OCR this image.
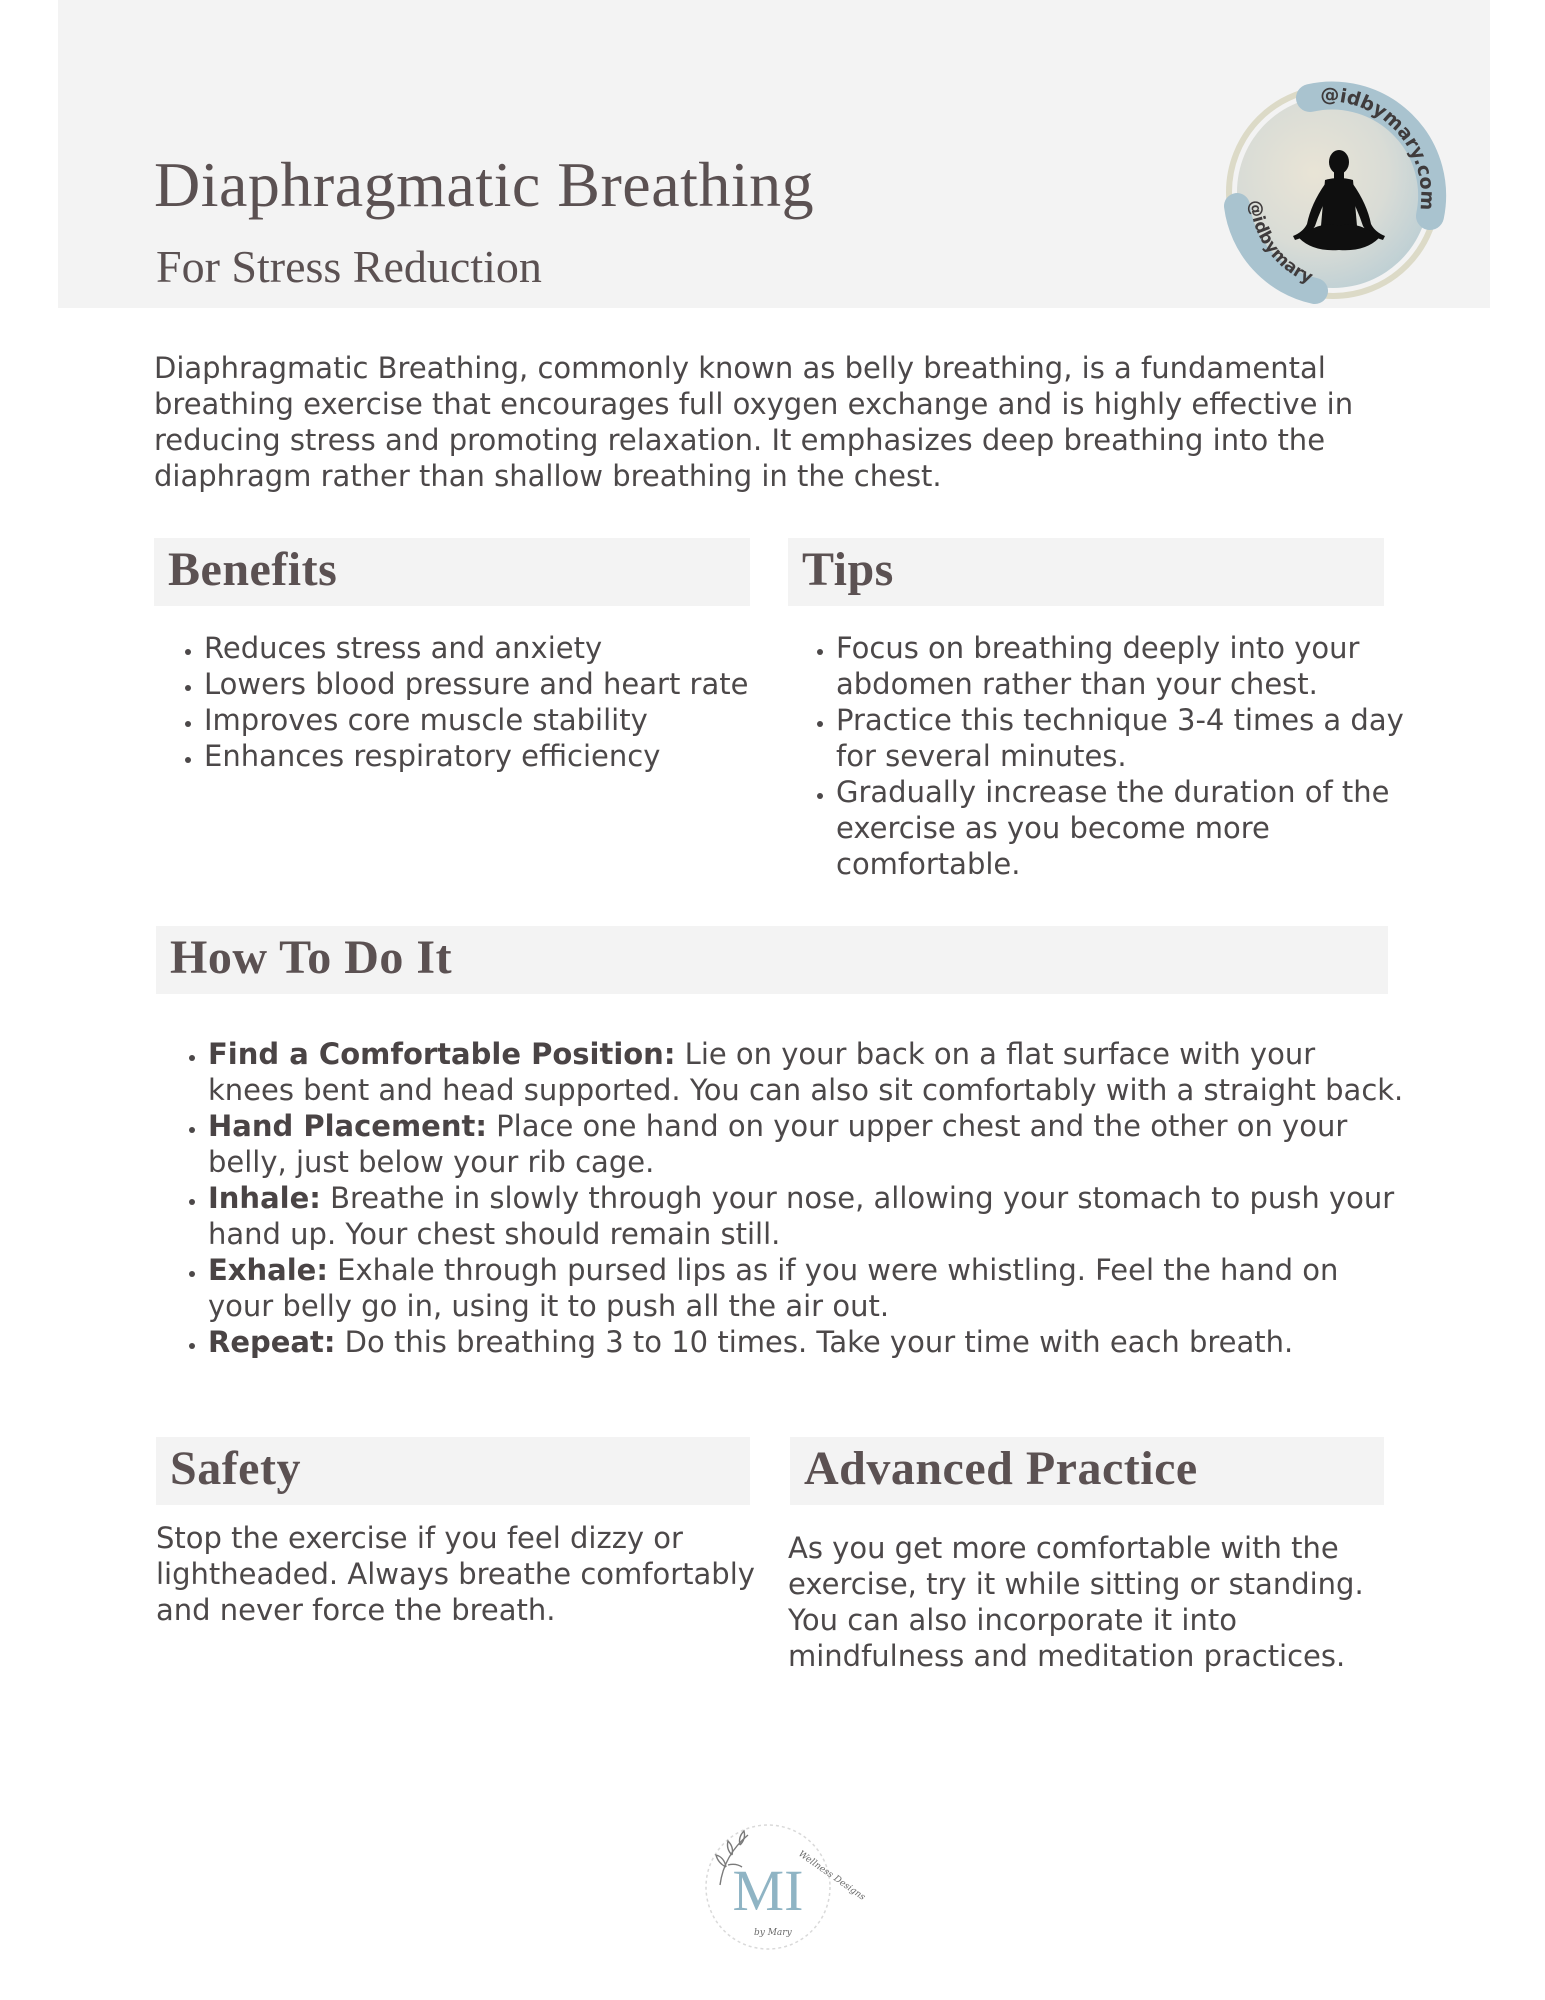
Diaphragmatic Breathing
For Stress Reduction
@idbymary.com
@idbymary

Diaphragmatic Breathing, commonly known as belly breathing, is a fundamental breathing exercise that encourages full oxygen exchange and is highly effective in reducing stress and promoting relaxation. It emphasizes deep breathing into the diaphragm rather than shallow breathing in the chest.

Benefits
• Reduces stress and anxiety
• Lowers blood pressure and heart rate
• Improves core muscle stability
• Enhances respiratory efficiency
Tips
• Focus on breathing deeply into your abdomen rather than your chest.
• Practice this technique 3-4 times a day for several minutes.
• Gradually increase the duration of the exercise as you become more comfortable.
How To Do It
• Find a Comfortable Position: Lie on your back on a flat surface with your knees bent and head supported. You can also sit comfortably with a straight back.
• Hand Placement: Place one hand on your upper chest and the other on your belly, just below your rib cage.
• Inhale: Breathe in slowly through your nose, allowing your stomach to push your hand up. Your chest should remain still.
• Exhale: Exhale through pursed lips as if you were whistling. Feel the hand on your belly go in, using it to push all the air out.
• Repeat: Do this breathing 3 to 10 times. Take your time with each breath.
Safety

Stop the exercise if you feel dizzy or lightheaded. Always breathe comfortably and never force the breath.

Advanced Practice

As you get more comfortable with the exercise, try it while sitting or standing. You can also incorporate it into mindfulness and meditation practices.

MI
Wellness Designs
by Mary
